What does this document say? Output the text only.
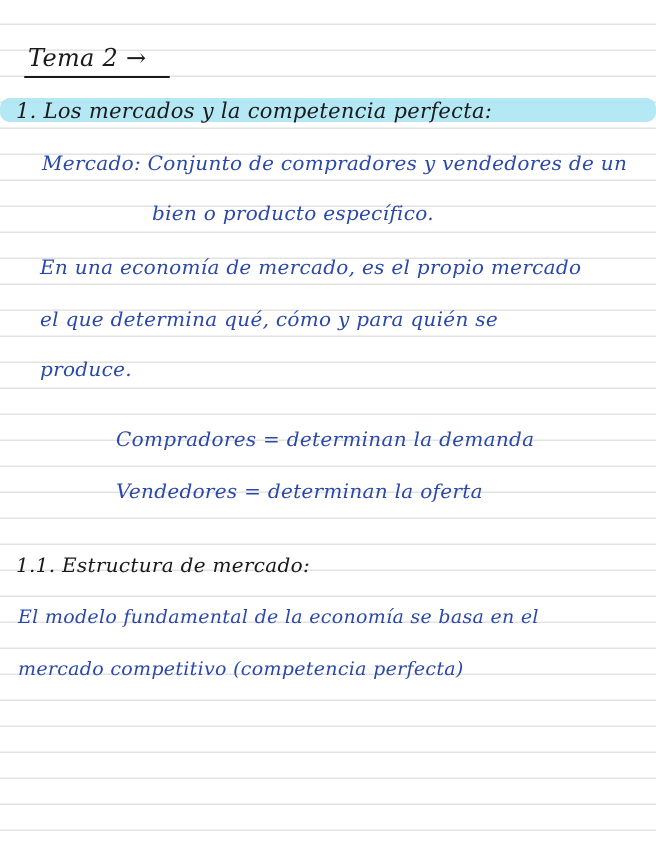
Tema 2 →
1. Los mercados y la competencia perfecta:
Mercado: Conjunto de compradores y vendedores de un
bien o producto específico.
En una economía de mercado, es el propio mercado
el que determina qué, cómo y para quién se
produce.
Compradores = determinan la demanda
Vendedores = determinan la oferta
1.1. Estructura de mercado:
El modelo fundamental de la economía se basa en el
mercado competitivo (competencia perfecta)
